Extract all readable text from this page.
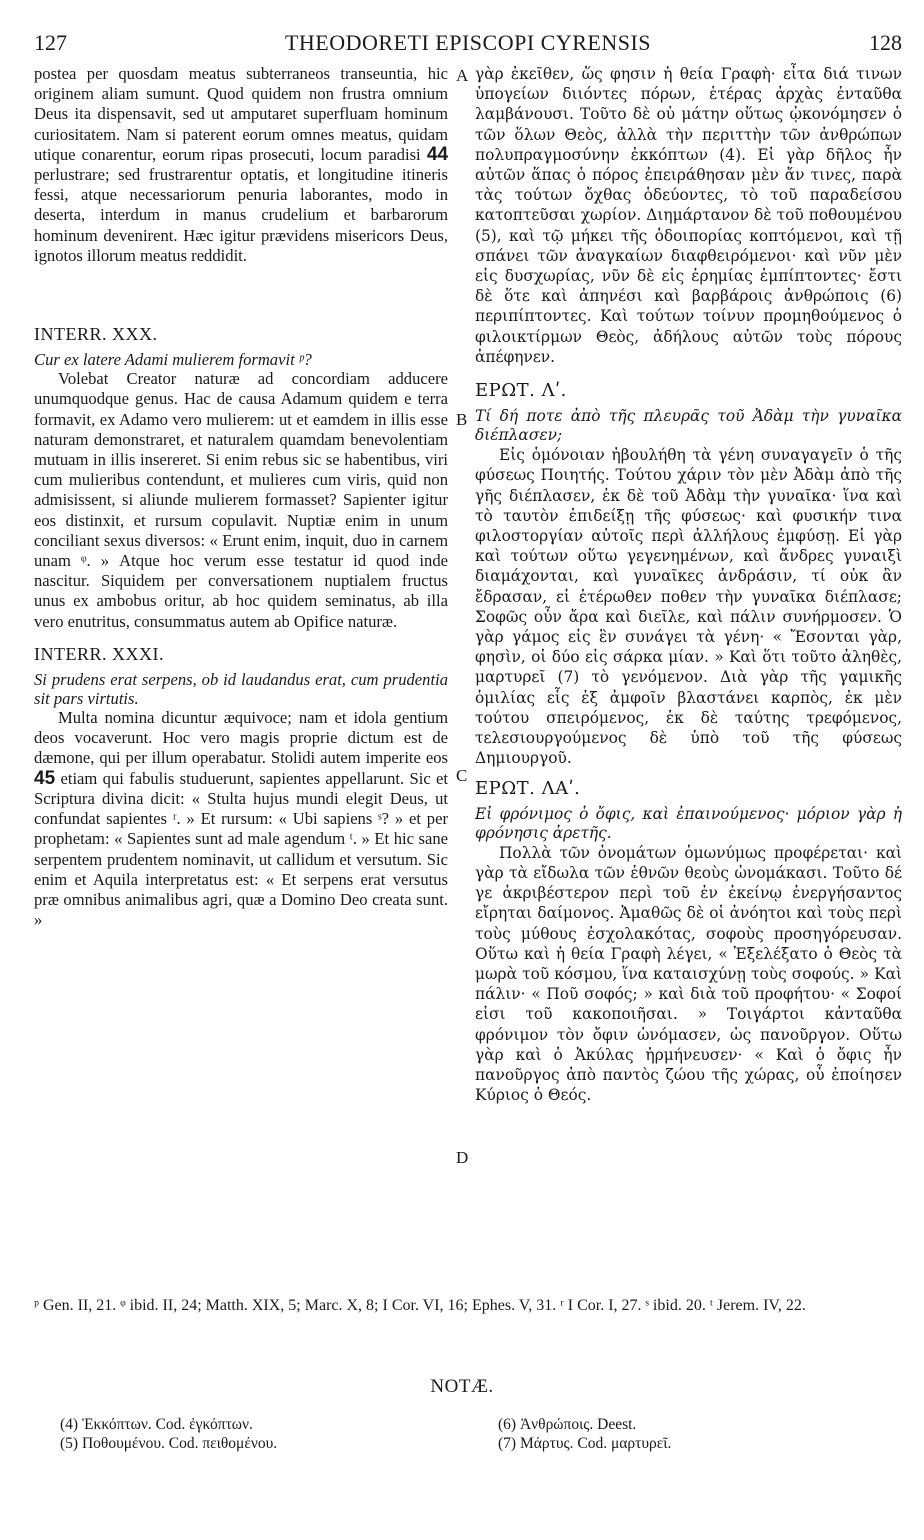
127	THEODORETI EPISCOPI CYRENSIS	128
A
B
C
D

postea per quosdam meatus subterraneos transeuntia, hic originem aliam sumunt. Quod quidem non frustra omnium Deus ita dispensavit, sed ut amputaret superfluam hominum curiositatem. Nam si paterent eorum omnes meatus, quidam utique conarentur, eorum ripas prosecuti, locum paradisi 44 perlustrare; sed frustrarentur optatis, et longitudine itineris fessi, atque necessariorum penuria laborantes, modo in deserta, interdum in manus crudelium et barbarorum hominum devenirent. Hæc igitur prævidens misericors Deus, ignotos illorum meatus reddidit.

INTERR. XXX.

Cur ex latere Adami mulierem formavit ᵖ?

Volebat Creator naturæ ad concordiam adducere unumquodque genus. Hac de causa Adamum quidem e terra formavit, ex Adamo vero mulierem: ut et eamdem in illis esse naturam demonstraret, et naturalem quamdam benevolentiam mutuam in illis insereret. Si enim rebus sic se habentibus, viri cum mulieribus contendunt, et mulieres cum viris, quid non admisissent, si aliunde mulierem formasset? Sapienter igitur eos distinxit, et rursum copulavit. Nuptiæ enim in unum conciliant sexus diversos: « Erunt enim, inquit, duo in carnem unam ᵠ. » Atque hoc verum esse testatur id quod inde nascitur. Siquidem per conversationem nuptialem fructus unus ex ambobus oritur, ab hoc quidem seminatus, ab illa vero enutritus, consummatus autem ab Opifice naturæ.

INTERR. XXXI.

Si prudens erat serpens, ob id laudandus erat, cum prudentia sit pars virtutis.

Multa nomina dicuntur æquivoce; nam et idola gentium deos vocaverunt. Hoc vero magis proprie dictum est de dæmone, qui per illum operabatur. Stolidi autem imperite eos 45 etiam qui fabulis studuerunt, sapientes appellarunt. Sic et Scriptura divina dicit: « Stulta hujus mundi elegit Deus, ut confundat sapientes ʳ. » Et rursum: « Ubi sapiens ˢ? » et per prophetam: « Sapientes sunt ad male agendum ᵗ. » Et hic sane serpentem prudentem nominavit, ut callidum et versutum. Sic enim et Aquila interpretatus est: « Et serpens erat versutus præ omnibus animalibus agri, quæ a Domino Deo creata sunt. »

γὰρ ἐκεῖθεν, ὥς φησιν ἡ θεία Γραφὴ· εἶτα διά τινων ὑπογείων διιόντες πόρων, ἑτέρας ἀρχὰς ἐνταῦθα λαμβάνουσι. Τοῦτο δὲ οὐ μάτην οὕτως ᾠκονόμησεν ὁ τῶν ὅλων Θεὸς, ἀλλὰ τὴν περιττὴν τῶν ἀνθρώπων πολυπραγμοσύνην ἐκκόπτων (4). Εἰ γὰρ δῆλος ἦν αὐτῶν ἅπας ὁ πόρος ἐπειράθησαν μὲν ἄν τινες, παρὰ τὰς τούτων ὄχθας ὁδεύοντες, τὸ τοῦ παραδείσου κατοπτεῦσαι χωρίον. Διημάρτανον δὲ τοῦ ποθουμένου (5), καὶ τῷ μήκει τῆς ὁδοιπορίας κοπτόμενοι, καὶ τῇ σπάνει τῶν ἀναγκαίων διαφθειρόμενοι· καὶ νῦν μὲν εἰς δυσχωρίας, νῦν δὲ εἰς ἐρημίας ἐμπίπτοντες· ἔστι δὲ ὅτε καὶ ἀπηνέσι καὶ βαρβάροις ἀνθρώποις (6) περιπίπτοντες. Καὶ τούτων τοίνυν προμηθούμενος ὁ φιλοικτίρμων Θεὸς, ἀδήλους αὐτῶν τοὺς πόρους ἀπέφηνεν.

ΕΡΩΤ. Λʹ.

Τί δή ποτε ἀπὸ τῆς πλευρᾶς τοῦ Ἀδὰμ τὴν γυναῖκα διέπλασεν;

Εἰς ὁμόνοιαν ἠβουλήθη τὰ γένη συναγαγεῖν ὁ τῆς φύσεως Ποιητής. Τούτου χάριν τὸν μὲν Ἀδὰμ ἀπὸ τῆς γῆς διέπλασεν, ἐκ δὲ τοῦ Ἀδὰμ τὴν γυναῖκα· ἵνα καὶ τὸ ταυτὸν ἐπιδείξῃ τῆς φύσεως· καὶ φυσικήν τινα φιλοστοργίαν αὐτοῖς περὶ ἀλλήλους ἐμφύσῃ. Εἰ γὰρ καὶ τούτων οὕτω γεγενημένων, καὶ ἄνδρες γυναιξὶ διαμάχονται, καὶ γυναῖκες ἀνδράσιν, τί οὐκ ἂν ἔδρασαν, εἰ ἑτέρωθεν ποθεν τὴν γυναῖκα διέπλασε; Σοφῶς οὖν ἄρα καὶ διεῖλε, καὶ πάλιν συνήρμοσεν. Ὁ γὰρ γάμος εἰς ἓν συνάγει τὰ γένη· « Ἔσονται γὰρ, φησὶν, οἱ δύο εἰς σάρκα μίαν. » Καὶ ὅτι τοῦτο ἀληθὲς, μαρτυρεῖ (7) τὸ γενόμενον. Διὰ γὰρ τῆς γαμικῆς ὁμιλίας εἷς ἐξ ἀμφοῖν βλαστάνει καρπὸς, ἐκ μὲν τούτου σπειρόμενος, ἐκ δὲ ταύτης τρεφόμενος, τελεσιουργούμενος δὲ ὑπὸ τοῦ τῆς φύσεως Δημιουργοῦ.

ΕΡΩΤ. ΛΑʹ.

Εἰ φρόνιμος ὁ ὄφις, καὶ ἐπαινούμενος· μόριον γὰρ ἡ φρόνησις ἀρετῆς.

Πολλὰ τῶν ὀνομάτων ὁμωνύμως προφέρεται· καὶ γὰρ τὰ εἴδωλα τῶν ἐθνῶν θεοὺς ὠνομάκασι. Τοῦτο δέ γε ἀκριβέστερον περὶ τοῦ ἐν ἐκείνῳ ἐνεργήσαντος εἴρηται δαίμονος. Ἀμαθῶς δὲ οἱ ἀνόητοι καὶ τοὺς περὶ τοὺς μύθους ἐσχολακότας, σοφοὺς προσηγόρευσαν. Οὕτω καὶ ἡ θεία Γραφὴ λέγει, « Ἐξελέξατο ὁ Θεὸς τὰ μωρὰ τοῦ κόσμου, ἵνα καταισχύνῃ τοὺς σοφούς. » Καὶ πάλιν· « Ποῦ σοφός; » καὶ διὰ τοῦ προφήτου· « Σοφοί εἰσι τοῦ κακοποιῆσαι. » Τοιγάρτοι κἀνταῦθα φρόνιμον τὸν ὄφιν ὠνόμασεν, ὡς πανοῦργον. Οὕτω γὰρ καὶ ὁ Ἀκύλας ἡρμήνευσεν· « Καὶ ὁ ὄφις ἦν πανοῦργος ἀπὸ παντὸς ζώου τῆς χώρας, οὗ ἐποίησεν Κύριος ὁ Θεός.

ᵖ Gen. II, 21. ᵠ ibid. II, 24; Matth. XIX, 5; Marc. X, 8; I Cor. VI, 16; Ephes. V, 31. ʳ I Cor. I, 27. ˢ ibid. 20. ᵗ Jerem. IV, 22.
NOTÆ.
(4) Ἐκκόπτων. Cod. ἐγκόπτων.
(5) Ποθουμένου. Cod. πειθομένου.
(6) Ἀνθρώποις. Deest.
(7) Μάρτυς. Cod. μαρτυρεῖ.
